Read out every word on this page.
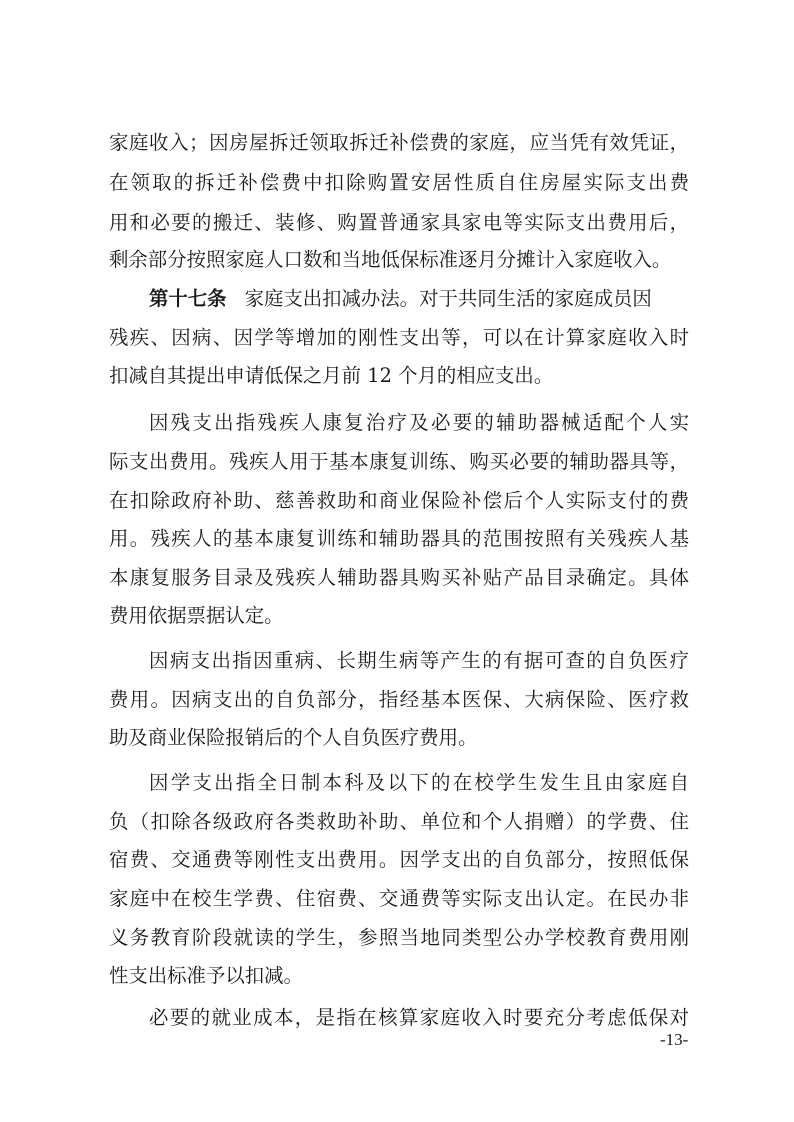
家庭收入；因房屋拆迁领取拆迁补偿费的家庭，应当凭有效凭证，
在领取的拆迁补偿费中扣除购置安居性质自住房屋实际支出费
用和必要的搬迁、装修、购置普通家具家电等实际支出费用后，
剩余部分按照家庭人口数和当地低保标准逐月分摊计入家庭收入。
第十七条 家庭支出扣减办法。对于共同生活的家庭成员因
残疾、因病、因学等增加的刚性支出等，可以在计算家庭收入时
扣减自其提出申请低保之月前 12 个月的相应支出。
因残支出指残疾人康复治疗及必要的辅助器械适配个人实
际支出费用。残疾人用于基本康复训练、购买必要的辅助器具等，
在扣除政府补助、慈善救助和商业保险补偿后个人实际支付的费
用。残疾人的基本康复训练和辅助器具的范围按照有关残疾人基
本康复服务目录及残疾人辅助器具购买补贴产品目录确定。具体
费用依据票据认定。
因病支出指因重病、长期生病等产生的有据可查的自负医疗
费用。因病支出的自负部分，指经基本医保、大病保险、医疗救
助及商业保险报销后的个人自负医疗费用。
因学支出指全日制本科及以下的在校学生发生且由家庭自
负（扣除各级政府各类救助补助、单位和个人捐赠）的学费、住
宿费、交通费等刚性支出费用。因学支出的自负部分，按照低保
家庭中在校生学费、住宿费、交通费等实际支出认定。在民办非
义务教育阶段就读的学生，参照当地同类型公办学校教育费用刚
性支出标准予以扣减。
必要的就业成本，是指在核算家庭收入时要充分考虑低保对
-13-
